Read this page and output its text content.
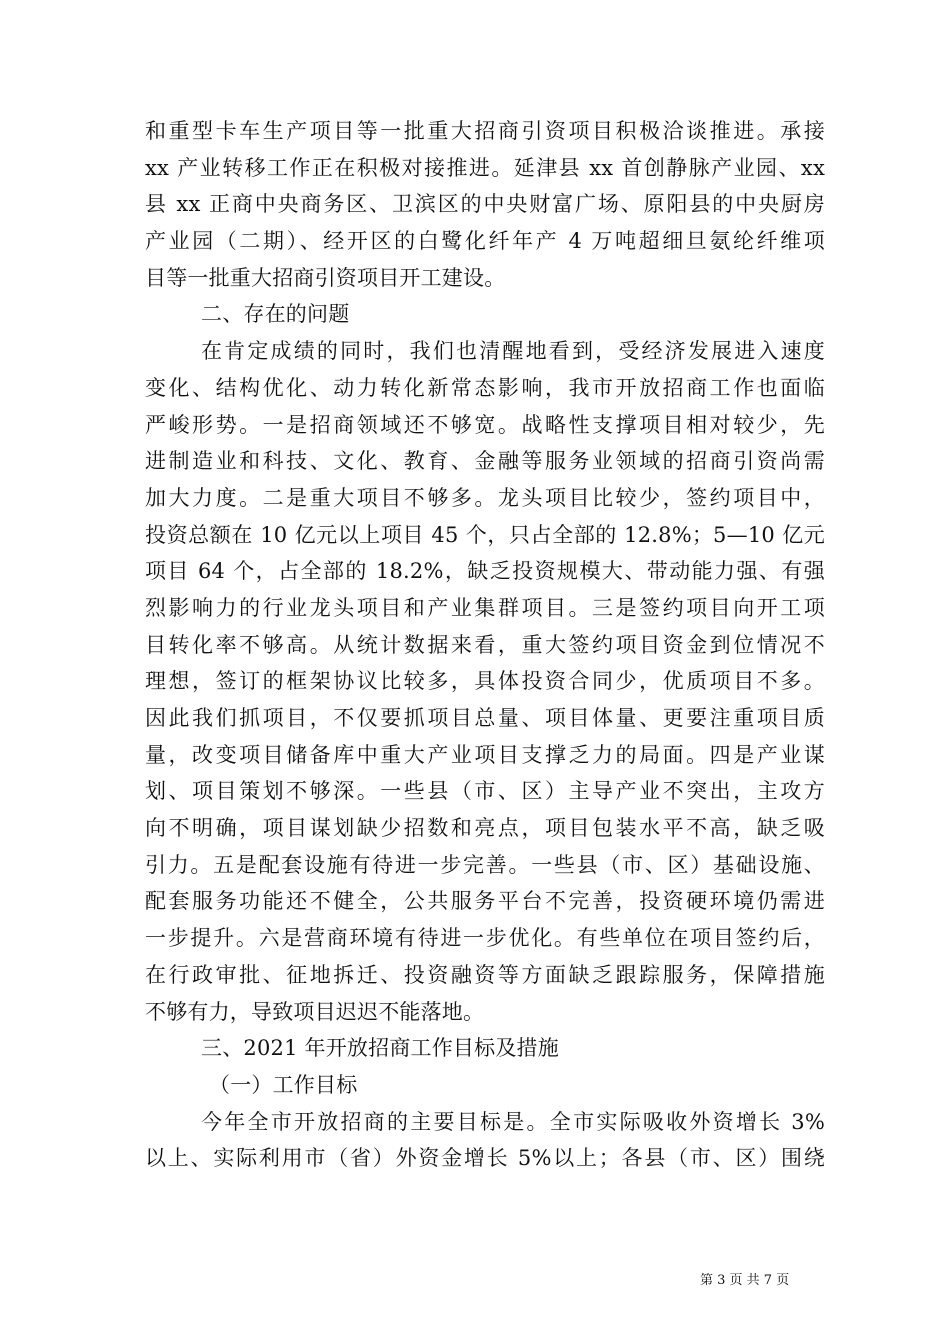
和重型卡车生产项目等一批重大招商引资项目积极洽谈推进。承接
xx 产业转移工作正在积极对接推进。延津县 xx 首创静脉产业园、xx
县 xx 正商中央商务区、卫滨区的中央财富广场、原阳县的中央厨房
产业园（二期）、经开区的白鹭化纤年产 4 万吨超细旦氨纶纤维项
目等一批重大招商引资项目开工建设。
二、存在的问题
在肯定成绩的同时，我们也清醒地看到，受经济发展进入速度
变化、结构优化、动力转化新常态影响，我市开放招商工作也面临
严峻形势。一是招商领域还不够宽。战略性支撑项目相对较少，先
进制造业和科技、文化、教育、金融等服务业领域的招商引资尚需
加大力度。二是重大项目不够多。龙头项目比较少，签约项目中，
投资总额在 10 亿元以上项目 45 个，只占全部的 12.8%；5—10 亿元
项目 64 个，占全部的 18.2%，缺乏投资规模大、带动能力强、有强
烈影响力的行业龙头项目和产业集群项目。三是签约项目向开工项
目转化率不够高。从统计数据来看，重大签约项目资金到位情况不
理想，签订的框架协议比较多，具体投资合同少，优质项目不多。
因此我们抓项目，不仅要抓项目总量、项目体量、更要注重项目质
量，改变项目储备库中重大产业项目支撑乏力的局面。四是产业谋
划、项目策划不够深。一些县（市、区）主导产业不突出，主攻方
向不明确，项目谋划缺少招数和亮点，项目包装水平不高，缺乏吸
引力。五是配套设施有待进一步完善。一些县（市、区）基础设施、
配套服务功能还不健全，公共服务平台不完善，投资硬环境仍需进
一步提升。六是营商环境有待进一步优化。有些单位在项目签约后，
在行政审批、征地拆迁、投资融资等方面缺乏跟踪服务，保障措施
不够有力，导致项目迟迟不能落地。
三、2021 年开放招商工作目标及措施
（一）工作目标
今年全市开放招商的主要目标是。全市实际吸收外资增长 3%
以上、实际利用市（省）外资金增长 5%以上；各县（市、区）围绕
第 3 页 共 7 页
